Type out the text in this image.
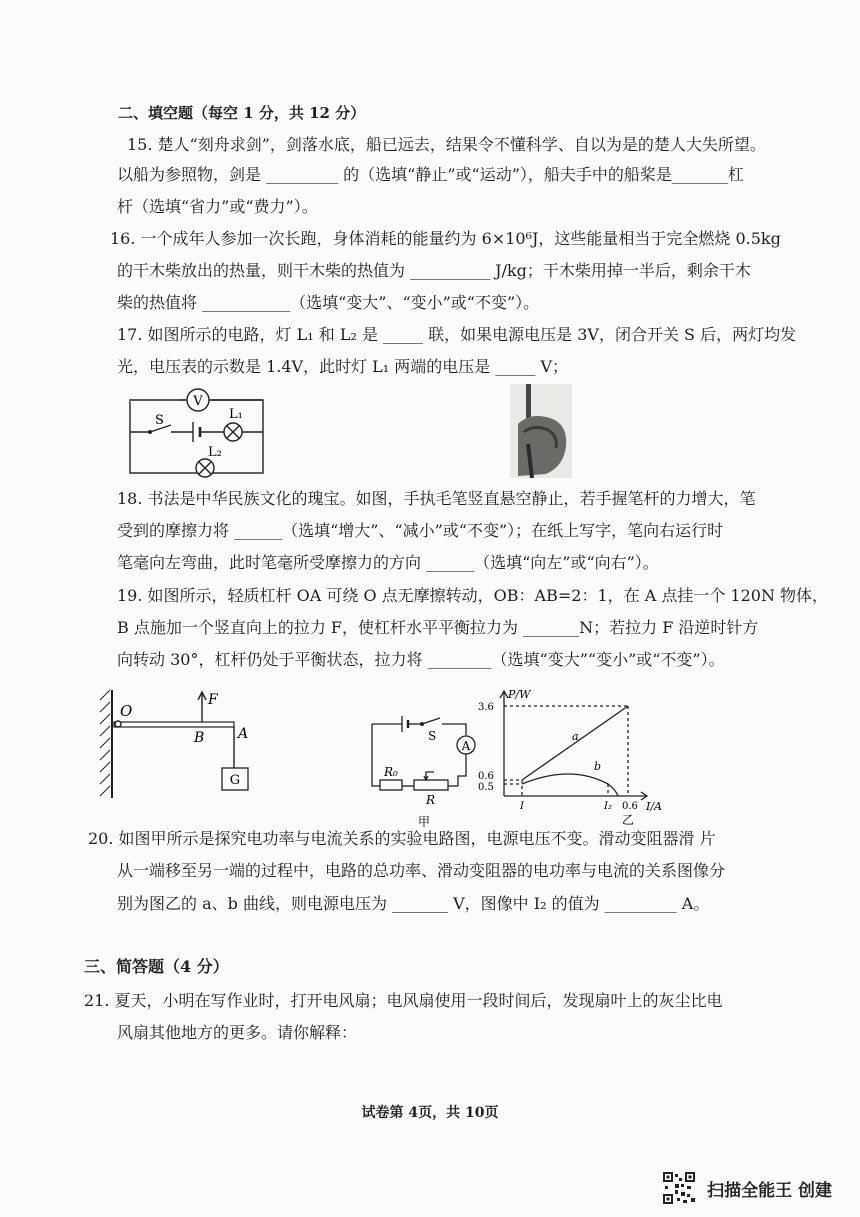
二、填空题（每空 1 分，共 12 分）
15. 楚人“刻舟求剑”，剑落水底，船已远去，结果令不懂科学、自以为是的楚人大失所望。
以船为参照物，剑是 _________ 的（选填“静止”或“运动”），船夫手中的船桨是_______杠
杆（选填“省力”或“费力”）。
16. 一个成年人参加一次长跑，身体消耗的能量约为 6×10⁶J，这些能量相当于完全燃烧 0.5kg
的干木柴放出的热量，则干木柴的热值为 __________ J/kg；干木柴用掉一半后，剩余干木
柴的热值将 ___________（选填“变大”、“变小”或“不变”）。
17. 如图所示的电路，灯 L₁ 和 L₂ 是 _____ 联，如果电源电压是 3V，闭合开关 S 后，两灯均发
光，电压表的示数是 1.4V，此时灯 L₁ 两端的电压是 _____ V；
V
S	L₁
L₂
18. 书法是中华民族文化的瑰宝。如图，手执毛笔竖直悬空静止，若手握笔杆的力增大，笔
受到的摩擦力将 ______（选填“增大”、“减小”或“不变”）；在纸上写字，笔向右运行时
笔毫向左弯曲，此时笔毫所受摩擦力的方向 ______（选填“向左”或“向右”）。
19. 如图所示，轻质杠杆 OA 可绕 O 点无摩擦转动，OB：AB=2：1，在 A 点挂一个 120N 物体，
B 点施加一个竖直向上的拉力 F，使杠杆水平平衡拉力为 _______N；若拉力 F 沿逆时针方
向转动 30°，杠杆仍处于平衡状态，拉力将 ________（选填“变大”“变小”或“不变”）。
O
B A
F
G
S
A
R₀
R
甲
P/W
I/A
3.6
0.6
0.5
I	I₂ 0.6
a
b
乙
20. 如图甲所示是探究电功率与电流关系的实验电路图，电源电压不变。滑动变阻器滑 片
从一端移至另一端的过程中，电路的总功率、滑动变阻器的电功率与电流的关系图像分
别为图乙的 a、b 曲线，则电源电压为 _______ V，图像中 I₂ 的值为 _________ A。
三、简答题（4 分）
21. 夏天，小明在写作业时，打开电风扇；电风扇使用一段时间后，发现扇叶上的灰尘比电
风扇其他地方的更多。请你解释：
试卷第 4页，共 10页
扫描全能王 创建
